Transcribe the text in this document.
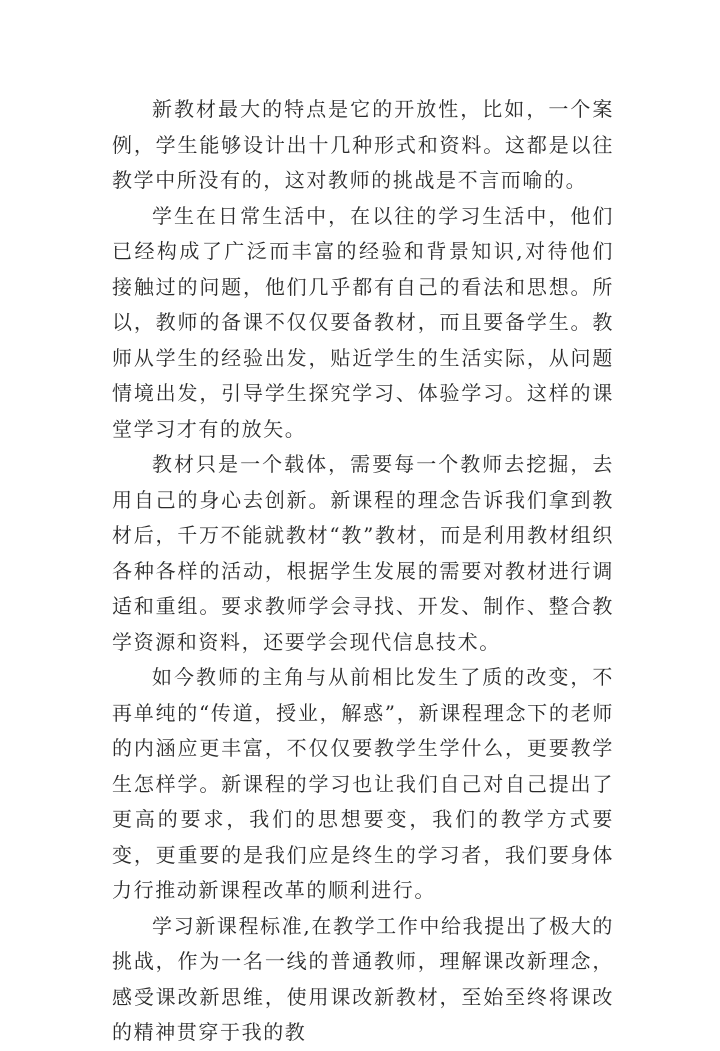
新教材最大的特点是它的开放性，比如，一个案例，学生能够设计出十几种形式和资料。这都是以往教学中所没有的，这对教师的挑战是不言而喻的。

学生在日常生活中，在以往的学习生活中，他们已经构成了广泛而丰富的经验和背景知识,对待他们接触过的问题，他们几乎都有自己的看法和思想。所以，教师的备课不仅仅要备教材，而且要备学生。教师从学生的经验出发，贴近学生的生活实际，从问题情境出发，引导学生探究学习、体验学习。这样的课堂学习才有的放矢。

教材只是一个载体，需要每一个教师去挖掘，去用自己的身心去创新。新课程的理念告诉我们拿到教材后，千万不能就教材“教”教材，而是利用教材组织各种各样的活动，根据学生发展的需要对教材进行调适和重组。要求教师学会寻找、开发、制作、整合教学资源和资料，还要学会现代信息技术。

如今教师的主角与从前相比发生了质的改变，不再单纯的“传道，授业，解惑”，新课程理念下的老师的内涵应更丰富，不仅仅要教学生学什么，更要教学生怎样学。新课程的学习也让我们自己对自己提出了更高的要求，我们的思想要变，我们的教学方式要变，更重要的是我们应是终生的学习者，我们要身体力行推动新课程改革的顺利进行。

学习新课程标准,在教学工作中给我提出了极大的挑战，作为一名一线的普通教师，理解课改新理念，感受课改新思维，使用课改新教材，至始至终将课改的精神贯穿于我的教
